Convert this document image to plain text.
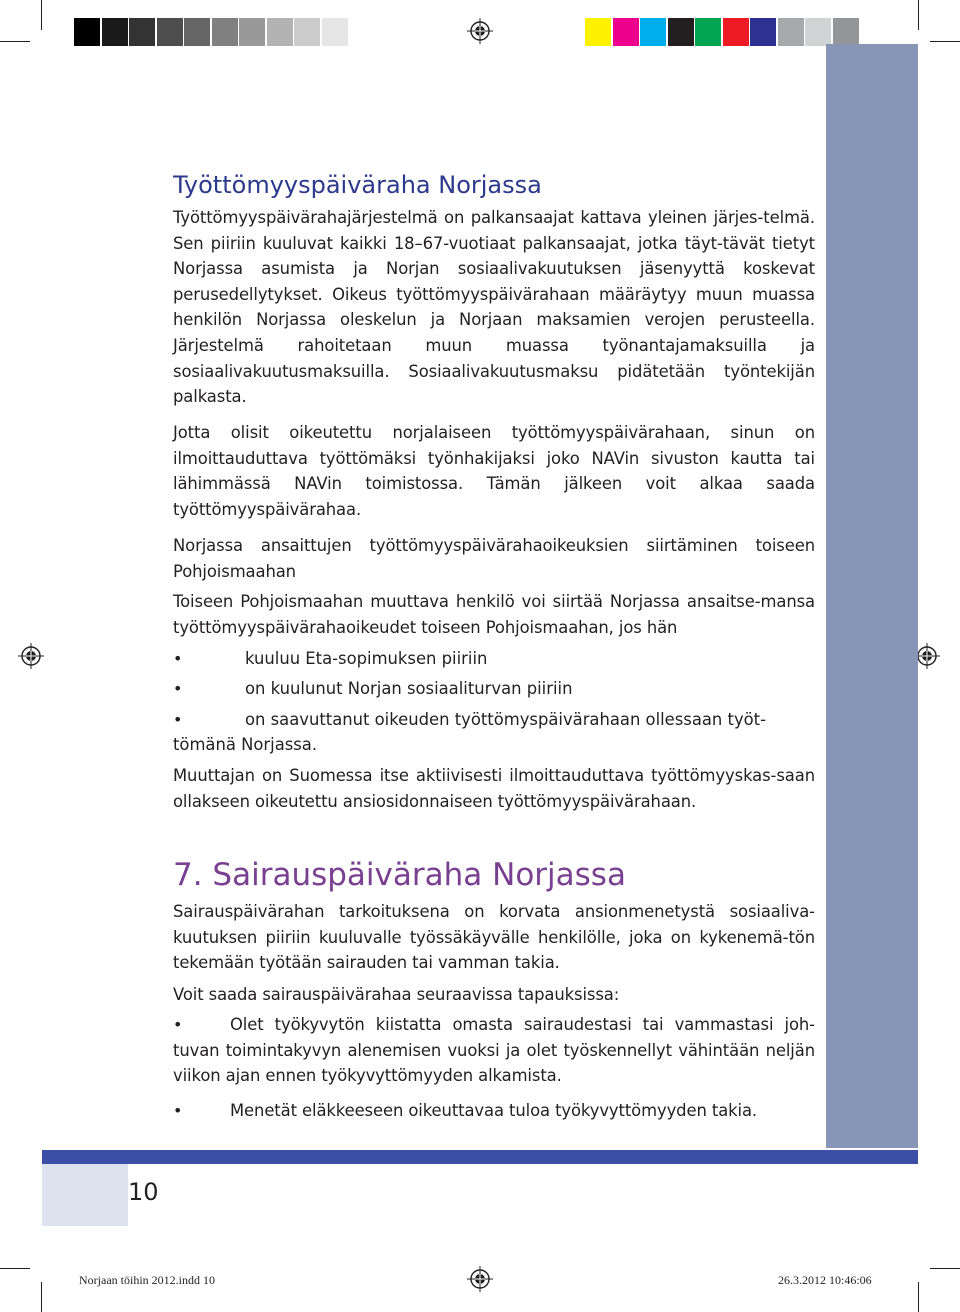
10
Työttömyyspäiväraha Norjassa

Työttömyyspäivärahajärjestelmä on palkansaajat kattava yleinen järjes-telmä. Sen piiriin kuuluvat kaikki 18–67-vuotiaat palkansaajat, jotka täyt-tävät tietyt Norjassa asumista ja Norjan sosiaalivakuutuksen jäsenyyttä koskevat perusedellytykset. Oikeus työttömyyspäivärahaan määräytyy muun muassa henkilön Norjassa oleskelun ja Norjaan maksamien verojen perusteella. Järjestelmä rahoitetaan muun muassa työnantajamaksuilla ja sosiaalivakuutusmaksuilla. Sosiaalivakuutusmaksu pidätetään työntekijän palkasta.

Jotta olisit oikeutettu norjalaiseen työttömyyspäivärahaan, sinun on ilmoittauduttava työttömäksi työnhakijaksi joko NAVin sivuston kautta tai lähimmässä NAVin toimistossa. Tämän jälkeen voit alkaa saada työttömyyspäivärahaa.

Norjassa ansaittujen työttömyyspäivärahaoikeuksien siirtäminen toiseen Pohjoismaahan

Toiseen Pohjoismaahan muuttava henkilö voi siirtää Norjassa ansaitse-mansa työttömyyspäivärahaoikeudet toiseen Pohjoismaahan, jos hän

•	kuuluu Eta-sopimuksen piiriin

•	on kuulunut Norjan sosiaaliturvan piiriin

•	on saavuttanut oikeuden työttömyspäivärahaan ollessaan työt-

tömänä Norjassa.

Muuttajan on Suomessa itse aktiivisesti ilmoittauduttava työttömyyskas-saan ollakseen oikeutettu ansiosidonnaiseen työttömyyspäivärahaan.

7. Sairauspäiväraha Norjassa

Sairauspäivärahan tarkoituksena on korvata ansionmenetystä sosiaaliva-kuutuksen piiriin kuuluvalle työssäkäyvälle henkilölle, joka on kykenemä-tön tekemään työtään sairauden tai vamman takia.

Voit saada sairauspäivärahaa seuraavissa tapauksissa:

•	Olet työkyvytön kiistatta omasta sairaudestasi tai vammastasi joh-tuvan toimintakyvyn alenemisen vuoksi ja olet työskennellyt vähintään neljän viikon ajan ennen työkyvyttömyyden alkamista.

•	Menetät eläkkeeseen oikeuttavaa tuloa työkyvyttömyyden takia.

Norjaan töihin 2012.indd 10	26.3.2012 10:46:06
